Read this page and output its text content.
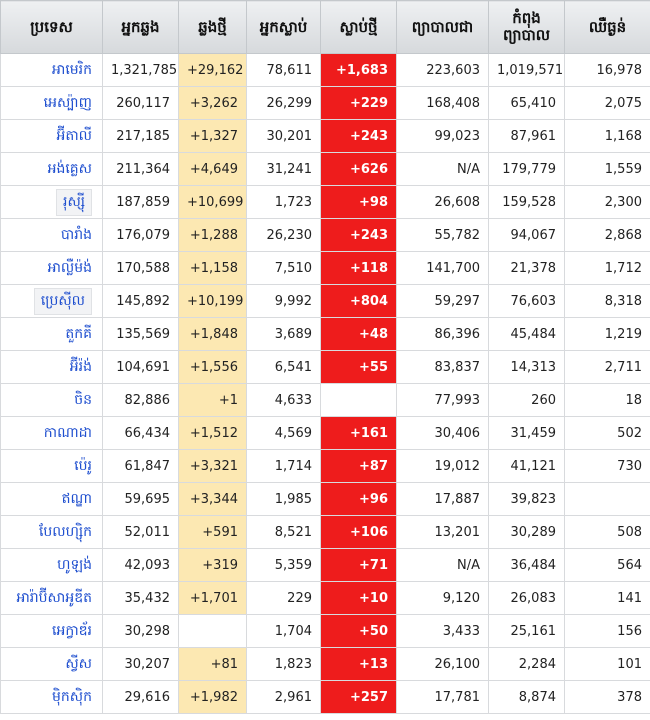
ប្រទេស	អ្នកឆ្លង	ឆ្លងថ្មី	អ្នកស្លាប់	ស្លាប់ថ្មី	ព្យាបាលជា	កំពុងព្យាបាល	ឈឺធ្ងន់
អាមេរិក	1,321,785	+29,162	78,611	+1,683	223,603	1,019,571	16,978
អេស្ប៉ាញ	260,117	+3,262	26,299	+229	168,408	65,410	2,075
អ៊ីតាលី	217,185	+1,327	30,201	+243	99,023	87,961	1,168
អង់គ្លេស	211,364	+4,649	31,241	+626	N/A	179,779	1,559
រុស្ស៊ី	187,859	+10,699	1,723	+98	26,608	159,528	2,300
បារាំង	176,079	+1,288	26,230	+243	55,782	94,067	2,868
អាល្លឺម៉ង់	170,588	+1,158	7,510	+118	141,700	21,378	1,712
ប្រេស៊ីល	145,892	+10,199	9,992	+804	59,297	76,603	8,318
តួកគី	135,569	+1,848	3,689	+48	86,396	45,484	1,219
អ៊ីរ៉ង់	104,691	+1,556	6,541	+55	83,837	14,313	2,711
ចិន	82,886	+1	4,633		77,993	260	18
កាណាដា	66,434	+1,512	4,569	+161	30,406	31,459	502
ប៉េរូ	61,847	+3,321	1,714	+87	19,012	41,121	730
ឥណ្ឌា	59,695	+3,344	1,985	+96	17,887	39,823	
បែលហ្ស៊ិក	52,011	+591	8,521	+106	13,201	30,289	508
ហូឡង់	42,093	+319	5,359	+71	N/A	36,484	564
អារ៉ាប៊ីសាអូឌីត	35,432	+1,701	229	+10	9,120	26,083	141
អេក្វាឌ័រ	30,298		1,704	+50	3,433	25,161	156
ស្វីស	30,207	+81	1,823	+13	26,100	2,284	101
ម៉ិកស៊ិក	29,616	+1,982	2,961	+257	17,781	8,874	378
